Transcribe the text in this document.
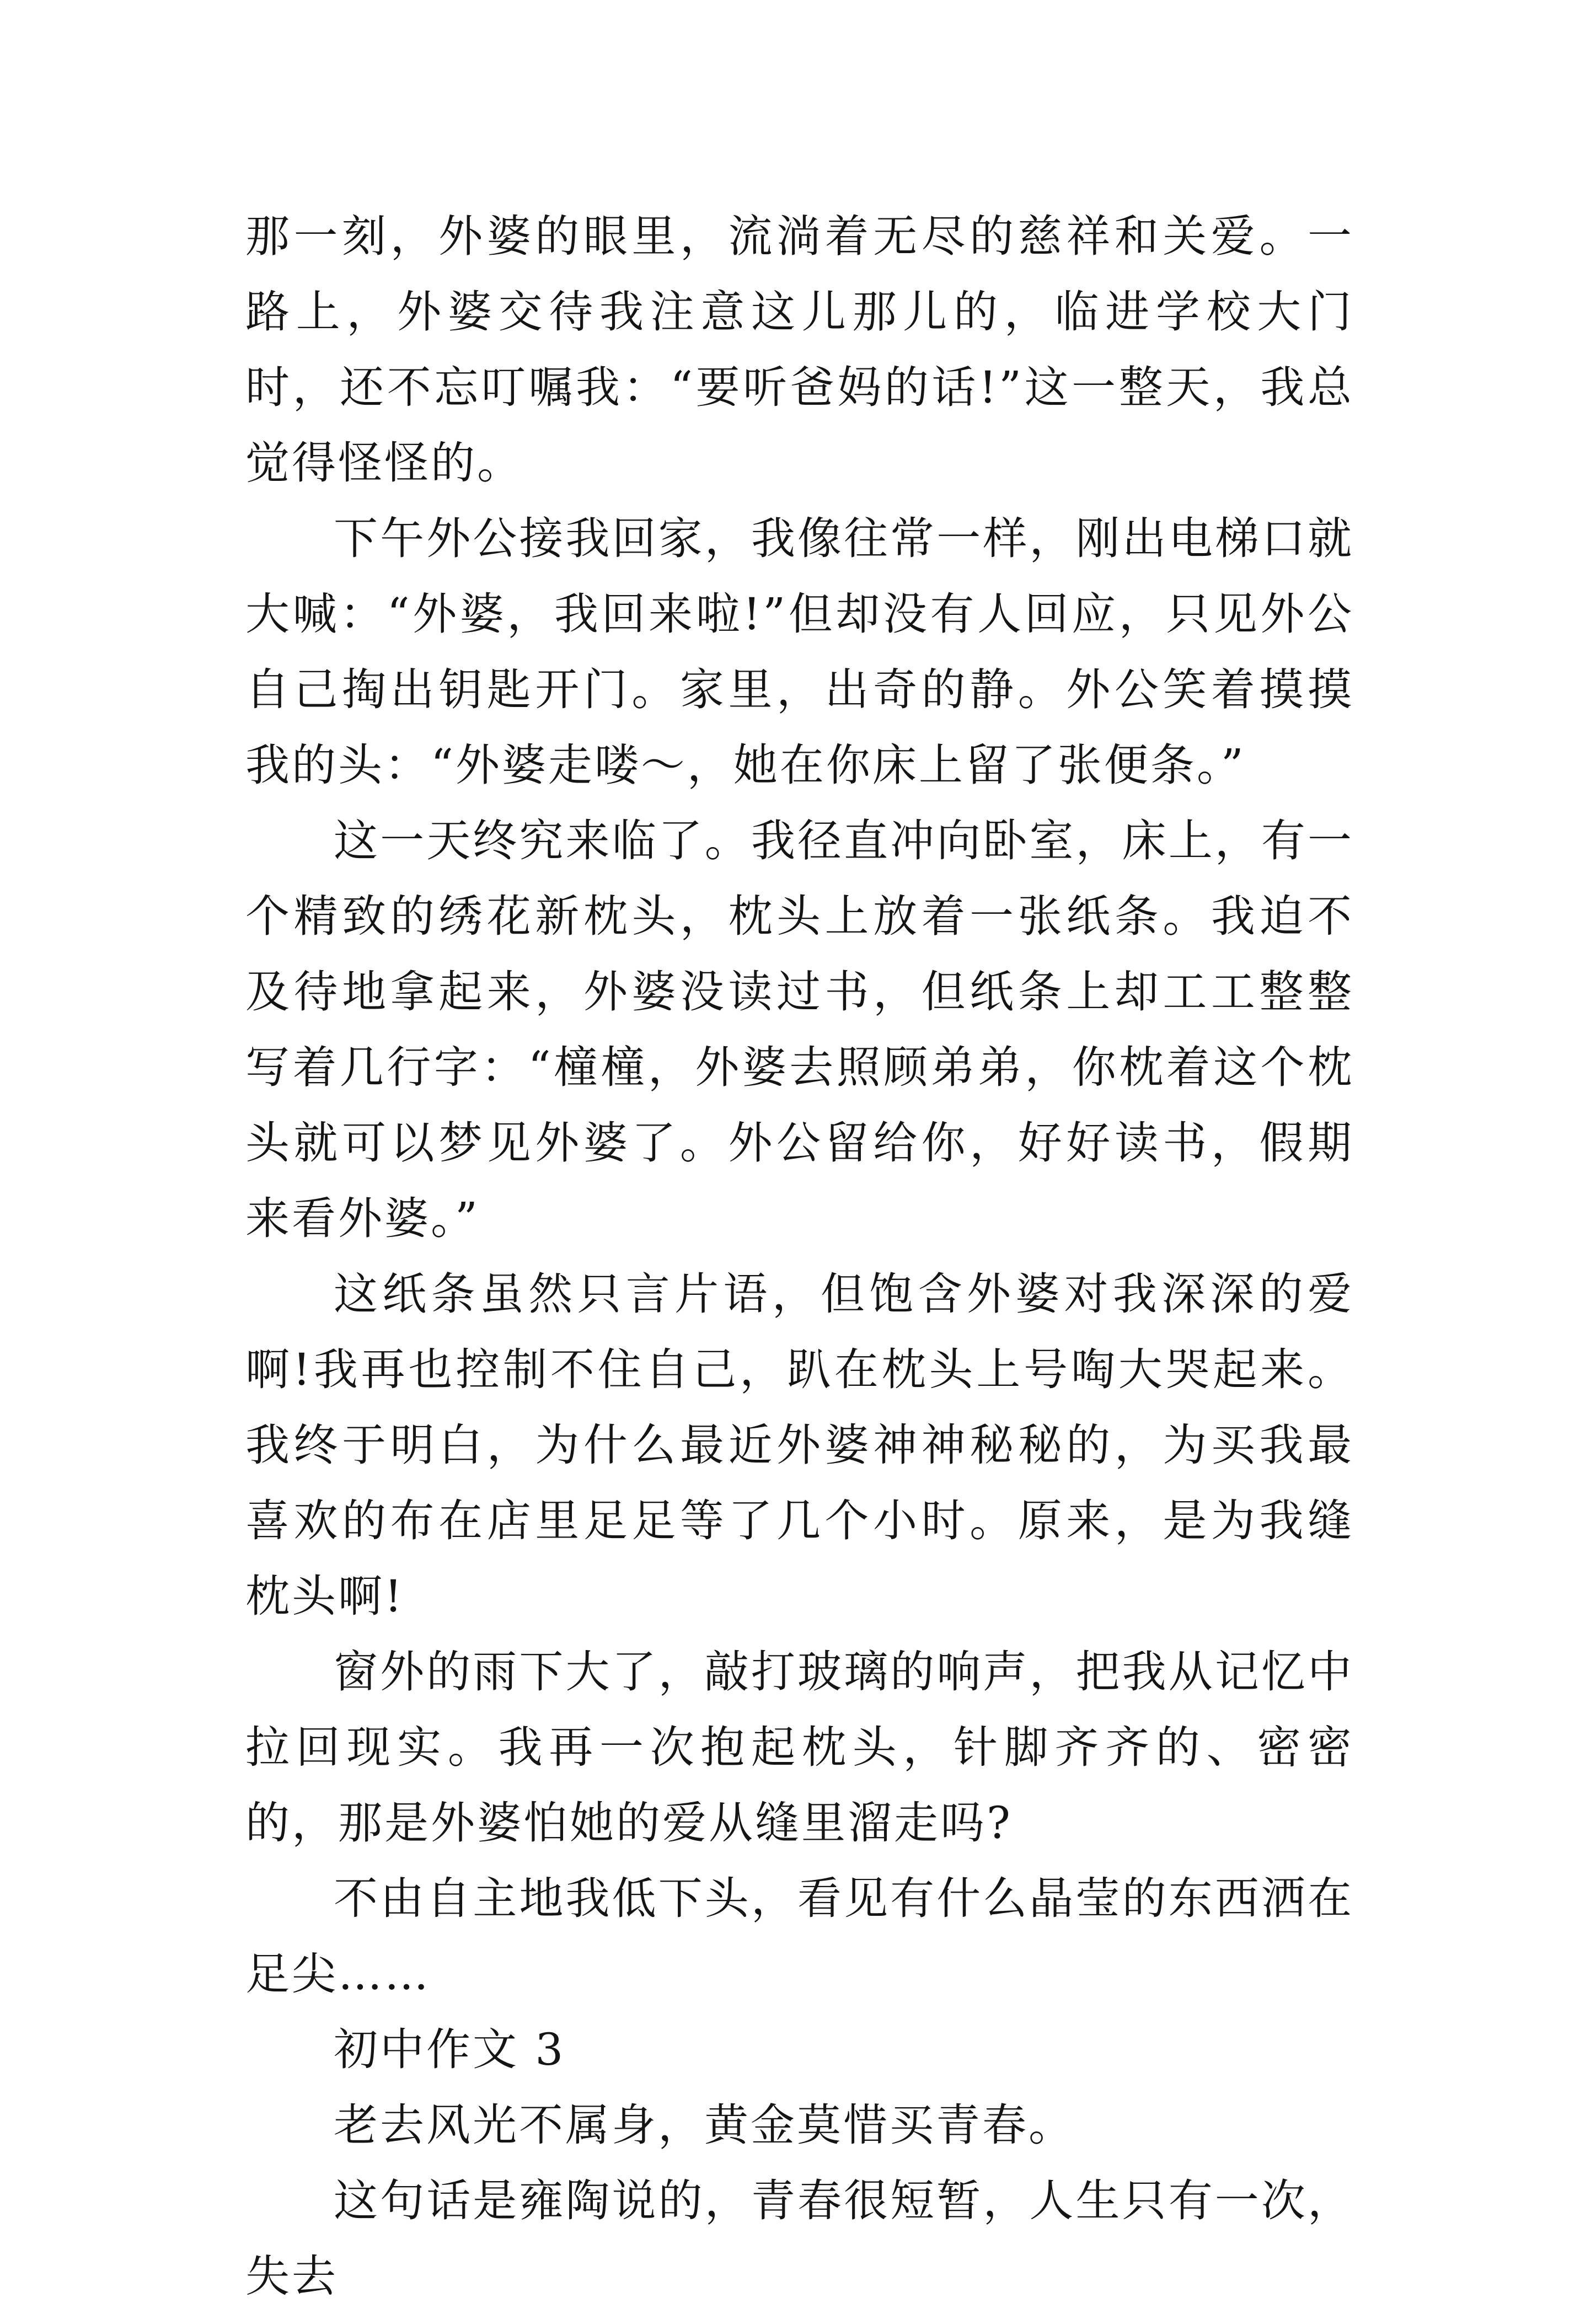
那一刻，外婆的眼里，流淌着无尽的慈祥和关爱。一路上，外婆交待我注意这儿那儿的，临进学校大门时，还不忘叮嘱我：“要听爸妈的话!”这一整天，我总觉得怪怪的。

下午外公接我回家，我像往常一样，刚出电梯口就大喊：“外婆，我回来啦!”但却没有人回应，只见外公自己掏出钥匙开门。家里，出奇的静。外公笑着摸摸我的头：“外婆走喽～，她在你床上留了张便条。”

这一天终究来临了。我径直冲向卧室，床上，有一个精致的绣花新枕头，枕头上放着一张纸条。我迫不及待地拿起来，外婆没读过书，但纸条上却工工整整写着几行字：“橦橦，外婆去照顾弟弟，你枕着这个枕头就可以梦见外婆了。外公留给你，好好读书，假期来看外婆。”

这纸条虽然只言片语，但饱含外婆对我深深的爱啊!我再也控制不住自己，趴在枕头上号啕大哭起来。我终于明白，为什么最近外婆神神秘秘的，为买我最喜欢的布在店里足足等了几个小时。原来，是为我缝枕头啊!

窗外的雨下大了，敲打玻璃的响声，把我从记忆中拉回现实。我再一次抱起枕头，针脚齐齐的、密密的，那是外婆怕她的爱从缝里溜走吗?

不由自主地我低下头，看见有什么晶莹的东西洒在足尖……

初中作文 3

老去风光不属身，黄金莫惜买青春。

这句话是雍陶说的，青春很短暂，人生只有一次，失去
